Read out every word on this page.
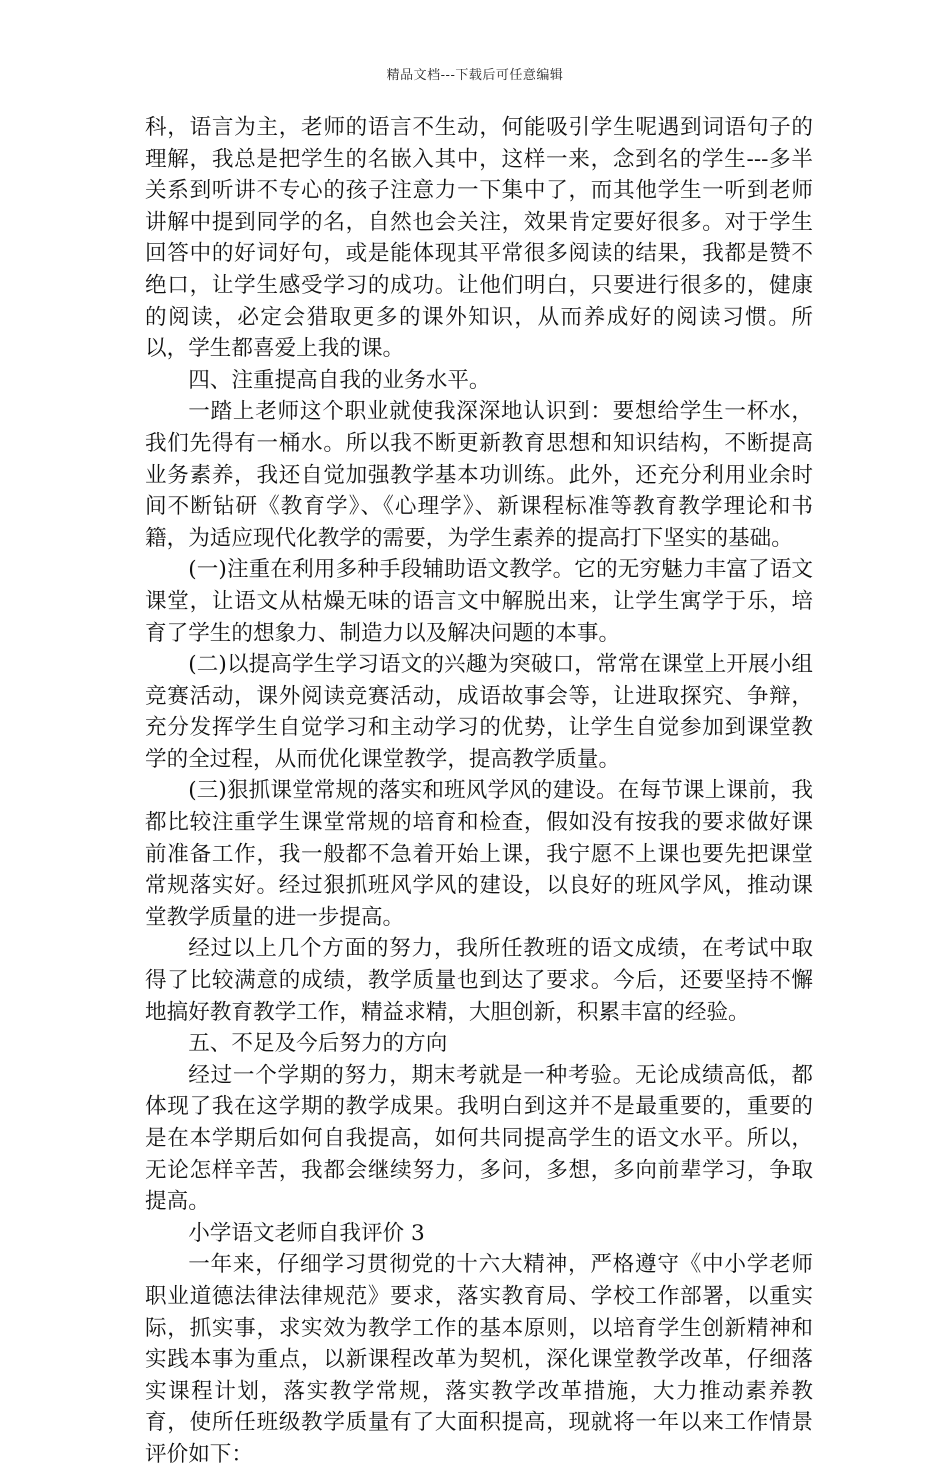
精品文档---下载后可任意编辑

科，语言为主，老师的语言不生动，何能吸引学生呢遇到词语句子的理解，我总是把学生的名嵌入其中，这样一来，念到名的学生---多半关系到听讲不专心的孩子注意力一下集中了，而其他学生一听到老师讲解中提到同学的名，自然也会关注，效果肯定要好很多。对于学生回答中的好词好句，或是能体现其平常很多阅读的结果，我都是赞不绝口，让学生感受学习的成功。让他们明白，只要进行很多的，健康的阅读，必定会猎取更多的课外知识，从而养成好的阅读习惯。所以，学生都喜爱上我的课。

四、注重提高自我的业务水平。

一踏上老师这个职业就使我深深地认识到：要想给学生一杯水，我们先得有一桶水。所以我不断更新教育思想和知识结构，不断提高业务素养，我还自觉加强教学基本功训练。此外，还充分利用业余时间不断钻研《教育学》、《心理学》、新课程标准等教育教学理论和书籍，为适应现代化教学的需要，为学生素养的提高打下坚实的基础。

(一)注重在利用多种手段辅助语文教学。它的无穷魅力丰富了语文课堂，让语文从枯燥无味的语言文中解脱出来，让学生寓学于乐，培育了学生的想象力、制造力以及解决问题的本事。

(二)以提高学生学习语文的兴趣为突破口，常常在课堂上开展小组竞赛活动，课外阅读竞赛活动，成语故事会等，让进取探究、争辩，充分发挥学生自觉学习和主动学习的优势，让学生自觉参加到课堂教学的全过程，从而优化课堂教学，提高教学质量。

(三)狠抓课堂常规的落实和班风学风的建设。在每节课上课前，我都比较注重学生课堂常规的培育和检查，假如没有按我的要求做好课前准备工作，我一般都不急着开始上课，我宁愿不上课也要先把课堂常规落实好。经过狠抓班风学风的建设，以良好的班风学风，推动课堂教学质量的进一步提高。

经过以上几个方面的努力，我所任教班的语文成绩，在考试中取得了比较满意的成绩，教学质量也到达了要求。今后，还要坚持不懈地搞好教育教学工作，精益求精，大胆创新，积累丰富的经验。

五、不足及今后努力的方向

经过一个学期的努力，期末考就是一种考验。无论成绩高低，都体现了我在这学期的教学成果。我明白到这并不是最重要的，重要的是在本学期后如何自我提高，如何共同提高学生的语文水平。所以，无论怎样辛苦，我都会继续努力，多问，多想，多向前辈学习，争取提高。

小学语文老师自我评价 3

一年来，仔细学习贯彻党的十六大精神，严格遵守《中小学老师职业道德法律法律规范》要求，落实教育局、学校工作部署，以重实际，抓实事，求实效为教学工作的基本原则，以培育学生创新精神和实践本事为重点，以新课程改革为契机，深化课堂教学改革，仔细落实课程计划，落实教学常规，落实教学改革措施，大力推动素养教育，使所任班级教学质量有了大面积提高，现就将一年以来工作情景评价如下：
